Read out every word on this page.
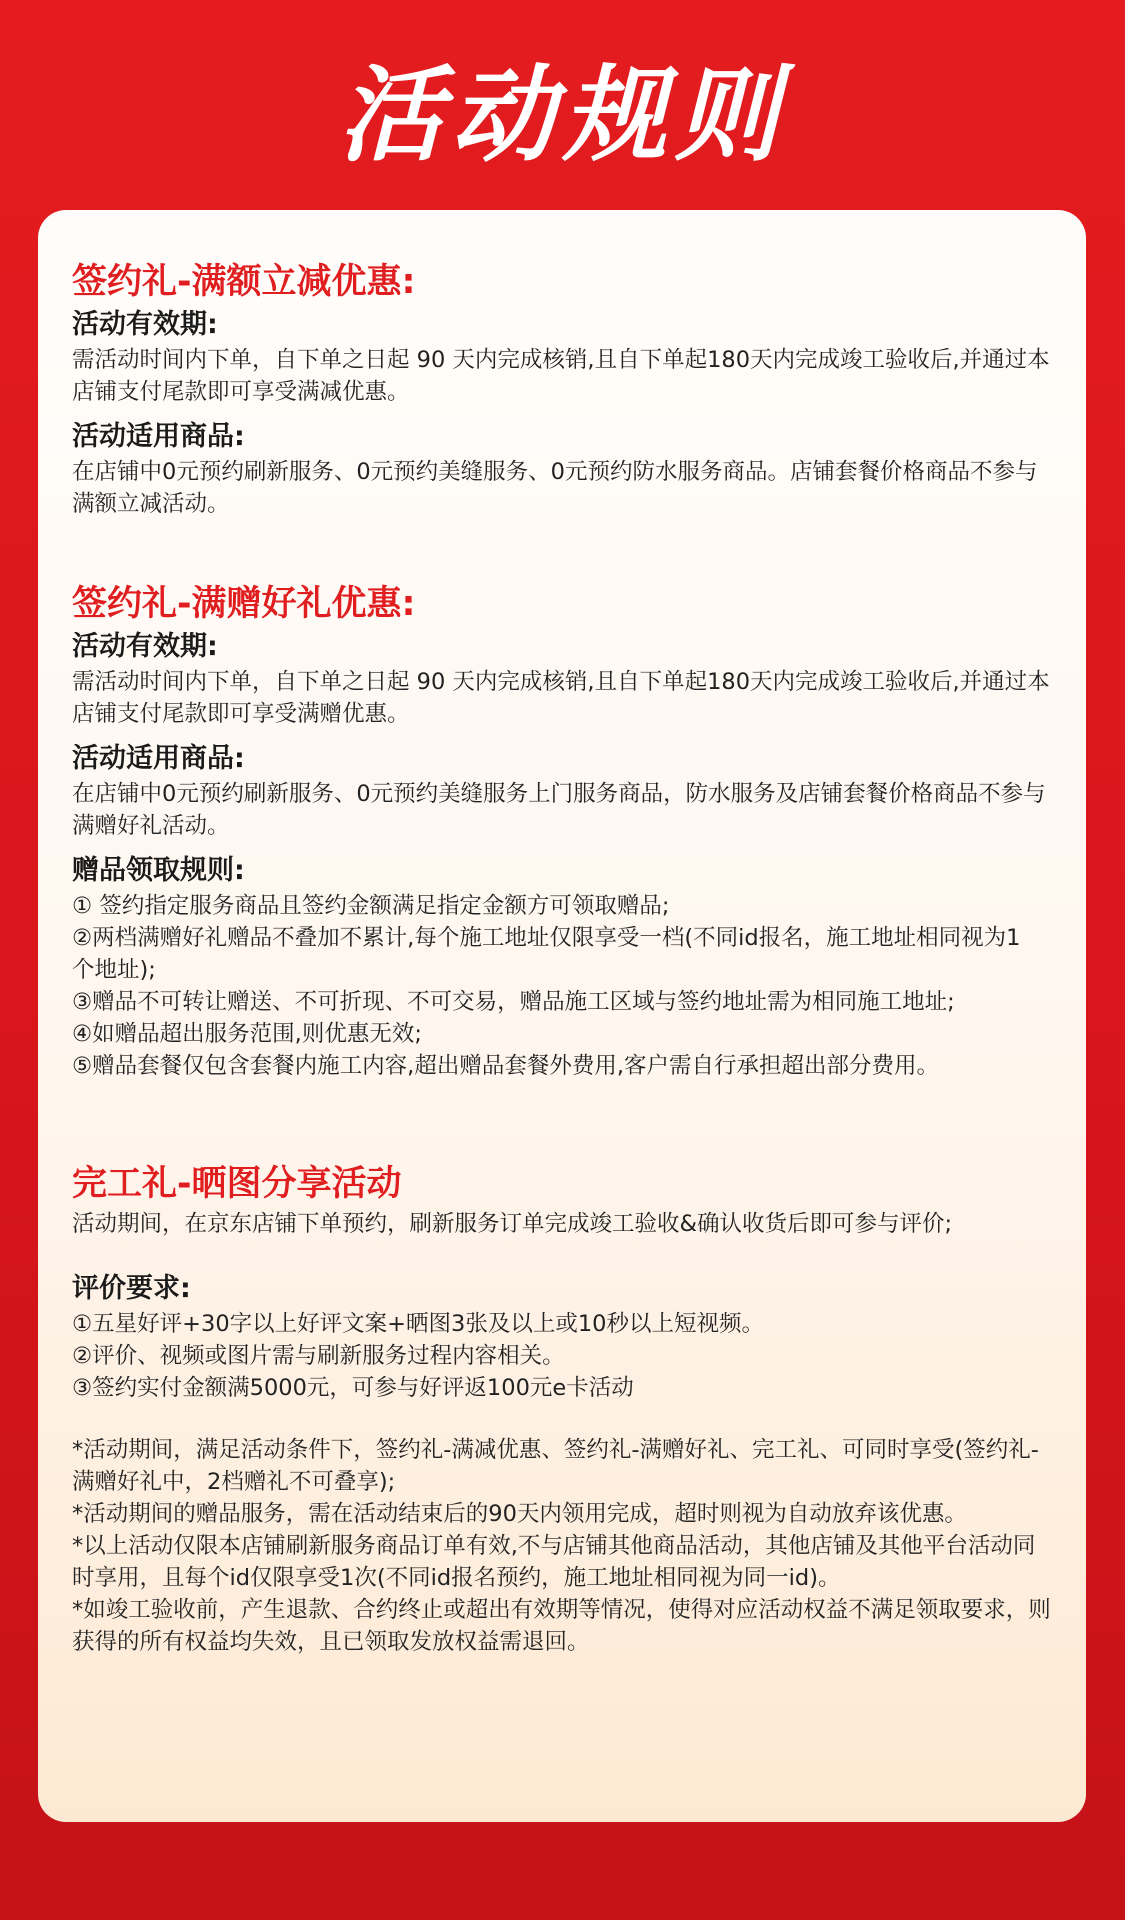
活动规则
签约礼-满额立减优惠:
活动有效期:
需活动时间内下单，自下单之日起 90 天内完成核销,且自下单起180天内完成竣工验收后,并通过本店铺支付尾款即可享受满减优惠。
活动适用商品:
在店铺中0元预约刷新服务、0元预约美缝服务、0元预约防水服务商品。店铺套餐价格商品不参与满额立减活动。
签约礼-满赠好礼优惠:
活动有效期:
需活动时间内下单，自下单之日起 90 天内完成核销,且自下单起180天内完成竣工验收后,并通过本店铺支付尾款即可享受满赠优惠。
活动适用商品:
在店铺中0元预约刷新服务、0元预约美缝服务上门服务商品，防水服务及店铺套餐价格商品不参与满赠好礼活动。
赠品领取规则:

① 签约指定服务商品且签约金额满足指定金额方可领取赠品;

②两档满赠好礼赠品不叠加不累计,每个施工地址仅限享受一档(不同id报名，施工地址相同视为1　 个地址);

③赠品不可转让赠送、不可折现、不可交易，赠品施工区域与签约地址需为相同施工地址;

④如赠品超出服务范围,则优惠无效;

⑤赠品套餐仅包含套餐内施工内容,超出赠品套餐外费用,客户需自行承担超出部分费用。

完工礼-晒图分享活动
活动期间，在京东店铺下单预约，刷新服务订单完成竣工验收&确认收货后即可参与评价;
评价要求:

①五星好评+30字以上好评文案+晒图3张及以上或10秒以上短视频。

②评价、视频或图片需与刷新服务过程内容相关。

③签约实付金额满5000元，可参与好评返100元e卡活动

*活动期间，满足活动条件下，签约礼-满减优惠、签约礼-满赠好礼、完工礼、可同时享受(签约礼-满赠好礼中，2档赠礼不可叠享);

*活动期间的赠品服务，需在活动结束后的90天内领用完成，超时则视为自动放弃该优惠。

*以上活动仅限本店铺刷新服务商品订单有效,不与店铺其他商品活动，其他店铺及其他平台活动同时享用，且每个id仅限享受1次(不同id报名预约，施工地址相同视为同一id)。

*如竣工验收前，产生退款、合约终止或超出有效期等情况，使得对应活动权益不满足领取要求，则获得的所有权益均失效，且已领取发放权益需退回。
